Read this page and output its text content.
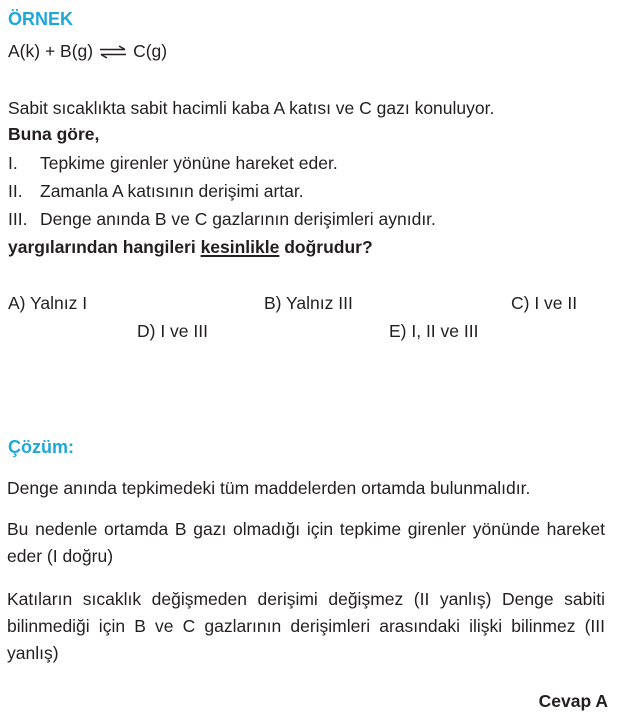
ÖRNEK
A(k) + B(g) ⇌ C(g)
Sabit sıcaklıkta sabit hacimli kaba A katısı ve C gazı konuluyor.
Buna göre,
I. Tepkime girenler yönüne hareket eder.
II. Zamanla A katısının derişimi artar.
III. Denge anında B ve C gazlarının derişimleri aynıdır.
yargılarından hangileri kesinlikle doğrudur?
A) Yalnız I	B) Yalnız III	C) I ve II
D) I ve III	E) I, II ve III
Çözüm:
Denge anında tepkimedeki tüm maddelerden ortamda bulunmalıdır.
Bu nedenle ortamda B gazı olmadığı için tepkime girenler yönünde hareket eder (I doğru)
Katıların sıcaklık değişmeden derişimi değişmez (II yanlış) Denge sabiti bilinmediği için B ve C gazlarının derişimleri arasındaki ilişki bilinmez (III yanlış)
Cevap A
